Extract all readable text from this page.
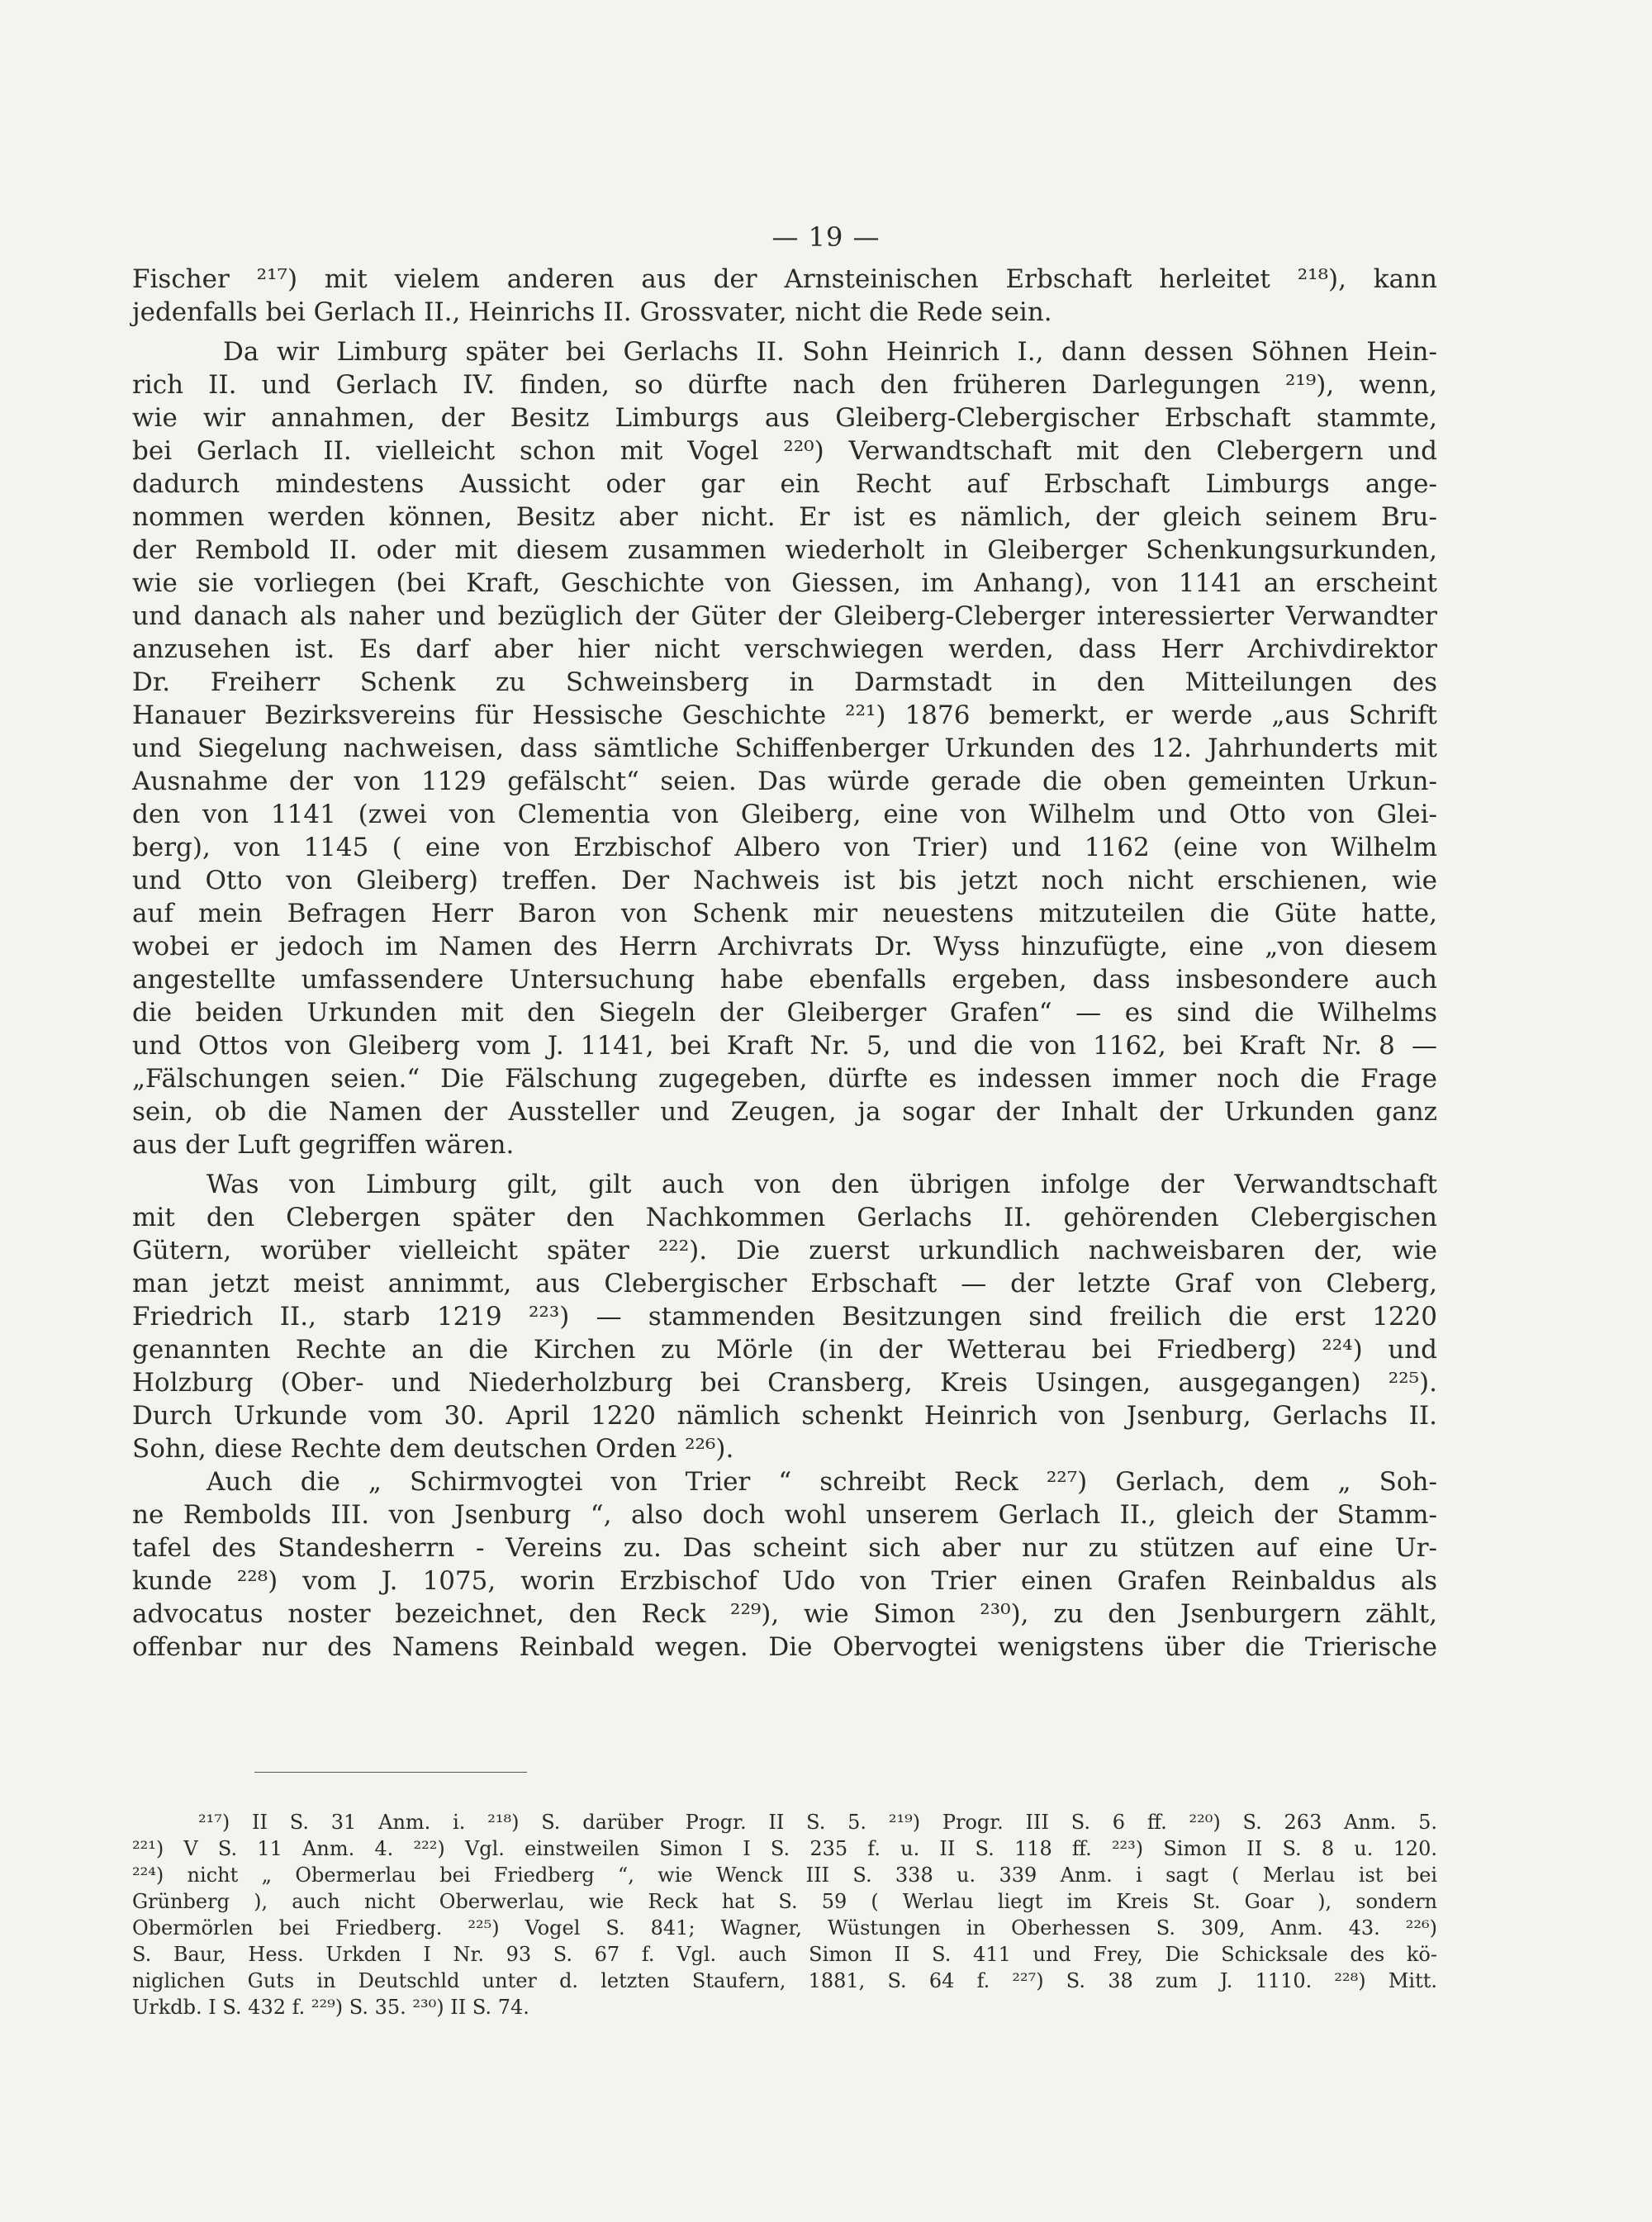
— 19 —
Fischer ²¹⁷) mit vielem anderen aus der Arnsteinischen Erbschaft herleitet ²¹⁸), kann
jedenfalls bei Gerlach II., Heinrichs II. Grossvater, nicht die Rede sein.
Da wir Limburg später bei Gerlachs II. Sohn Heinrich I., dann dessen Söhnen Hein-
rich II. und Gerlach IV. finden, so dürfte nach den früheren Darlegungen ²¹⁹), wenn,
wie wir annahmen, der Besitz Limburgs aus Gleiberg-Clebergischer Erbschaft stammte,
bei Gerlach II. vielleicht schon mit Vogel ²²⁰) Verwandtschaft mit den Clebergern und
dadurch mindestens Aussicht oder gar ein Recht auf Erbschaft Limburgs ange-
nommen werden können, Besitz aber nicht. Er ist es nämlich, der gleich seinem Bru-
der Rembold II. oder mit diesem zusammen wiederholt in Gleiberger Schenkungsurkunden,
wie sie vorliegen (bei Kraft, Geschichte von Giessen, im Anhang), von 1141 an erscheint
und danach als naher und bezüglich der Güter der Gleiberg-Cleberger interessierter Verwandter
anzusehen ist. Es darf aber hier nicht verschwiegen werden, dass Herr Archivdirektor
Dr. Freiherr Schenk zu Schweinsberg in Darmstadt in den Mitteilungen des
Hanauer Bezirksvereins für Hessische Geschichte ²²¹) 1876 bemerkt, er werde „aus Schrift
und Siegelung nachweisen, dass sämtliche Schiffenberger Urkunden des 12. Jahrhunderts mit
Ausnahme der von 1129 gefälscht“ seien. Das würde gerade die oben gemeinten Urkun-
den von 1141 (zwei von Clementia von Gleiberg, eine von Wilhelm und Otto von Glei-
berg), von 1145 ( eine von Erzbischof Albero von Trier) und 1162 (eine von Wilhelm
und Otto von Gleiberg) treffen. Der Nachweis ist bis jetzt noch nicht erschienen, wie
auf mein Befragen Herr Baron von Schenk mir neuestens mitzuteilen die Güte hatte,
wobei er jedoch im Namen des Herrn Archivrats Dr. Wyss hinzufügte, eine „von diesem
angestellte umfassendere Untersuchung habe ebenfalls ergeben, dass insbesondere auch
die beiden Urkunden mit den Siegeln der Gleiberger Grafen“ — es sind die Wilhelms
und Ottos von Gleiberg vom J. 1141, bei Kraft Nr. 5, und die von 1162, bei Kraft Nr. 8 —
„Fälschungen seien.“ Die Fälschung zugegeben, dürfte es indessen immer noch die Frage
sein, ob die Namen der Aussteller und Zeugen, ja sogar der Inhalt der Urkunden ganz
aus der Luft gegriffen wären.
Was von Limburg gilt, gilt auch von den übrigen infolge der Verwandtschaft
mit den Clebergen später den Nachkommen Gerlachs II. gehörenden Clebergischen
Gütern, worüber vielleicht später ²²²). Die zuerst urkundlich nachweisbaren der, wie
man jetzt meist annimmt, aus Clebergischer Erbschaft — der letzte Graf von Cleberg,
Friedrich II., starb 1219 ²²³) — stammenden Besitzungen sind freilich die erst 1220
genannten Rechte an die Kirchen zu Mörle (in der Wetterau bei Friedberg) ²²⁴) und
Holzburg (Ober- und Niederholzburg bei Cransberg, Kreis Usingen, ausgegangen) ²²⁵).
Durch Urkunde vom 30. April 1220 nämlich schenkt Heinrich von Jsenburg, Gerlachs II.
Sohn, diese Rechte dem deutschen Orden ²²⁶).
Auch die „ Schirmvogtei von Trier “ schreibt Reck ²²⁷) Gerlach, dem „ Soh-
ne Rembolds III. von Jsenburg “, also doch wohl unserem Gerlach II., gleich der Stamm-
tafel des Standesherrn - Vereins zu. Das scheint sich aber nur zu stützen auf eine Ur-
kunde ²²⁸) vom J. 1075, worin Erzbischof Udo von Trier einen Grafen Reinbaldus als
advocatus noster bezeichnet, den Reck ²²⁹), wie Simon ²³⁰), zu den Jsenburgern zählt,
offenbar nur des Namens Reinbald wegen. Die Obervogtei wenigstens über die Trierische
²¹⁷) II S. 31 Anm. i. ²¹⁸) S. darüber Progr. II S. 5. ²¹⁹) Progr. III S. 6 ff. ²²⁰) S. 263 Anm. 5.
²²¹) V S. 11 Anm. 4. ²²²) Vgl. einstweilen Simon I S. 235 f. u. II S. 118 ff. ²²³) Simon II S. 8 u. 120.
²²⁴) nicht „ Obermerlau bei Friedberg “, wie Wenck III S. 338 u. 339 Anm. i sagt ( Merlau ist bei
Grünberg ), auch nicht Oberwerlau, wie Reck hat S. 59 ( Werlau liegt im Kreis St. Goar ), sondern
Obermörlen bei Friedberg. ²²⁵) Vogel S. 841; Wagner, Wüstungen in Oberhessen S. 309, Anm. 43. ²²⁶)
S. Baur, Hess. Urkden I Nr. 93 S. 67 f. Vgl. auch Simon II S. 411 und Frey, Die Schicksale des kö-
niglichen Guts in Deutschld unter d. letzten Staufern, 1881, S. 64 f. ²²⁷) S. 38 zum J. 1110. ²²⁸) Mitt.
Urkdb. I S. 432 f. ²²⁹) S. 35. ²³⁰) II S. 74.
